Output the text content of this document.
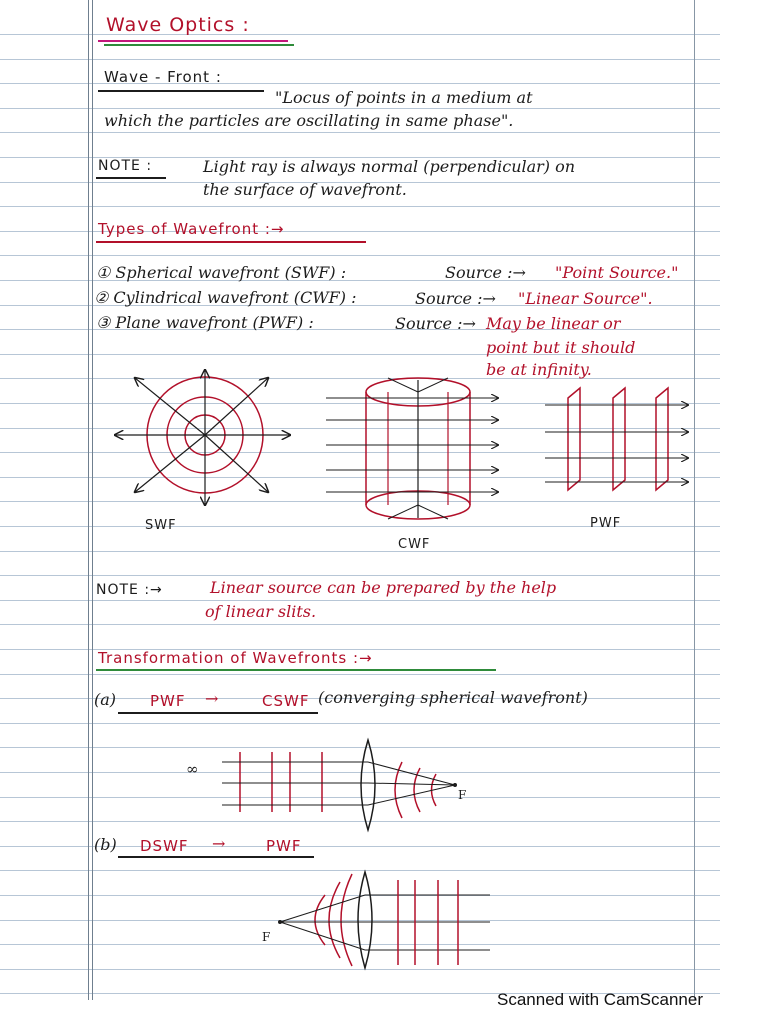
Wave Optics :
Wave - Front :
"Locus of points in a medium at
which the particles are oscillating in same phase".
NOTE :	Light ray is always normal (perpendicular) on
the surface of wavefront.
Types of Wavefront :→
① Spherical wavefront (SWF) :	Source :→ "Point Source."
② Cylindrical wavefront (CWF) :	Source :→ "Linear Source".
③ Plane wavefront (PWF) :	Source :→ May be linear or
point but it should
be at infinity.
SWF
CWF
PWF
NOTE :→	Linear source can be prepared by the help
of linear slits.
Transformation of Wavefronts :→
(a) PWF →	CSWF (converging spherical wavefront)
∞
F
(b) DSWF →	PWF
F
Scanned with CamScanner
